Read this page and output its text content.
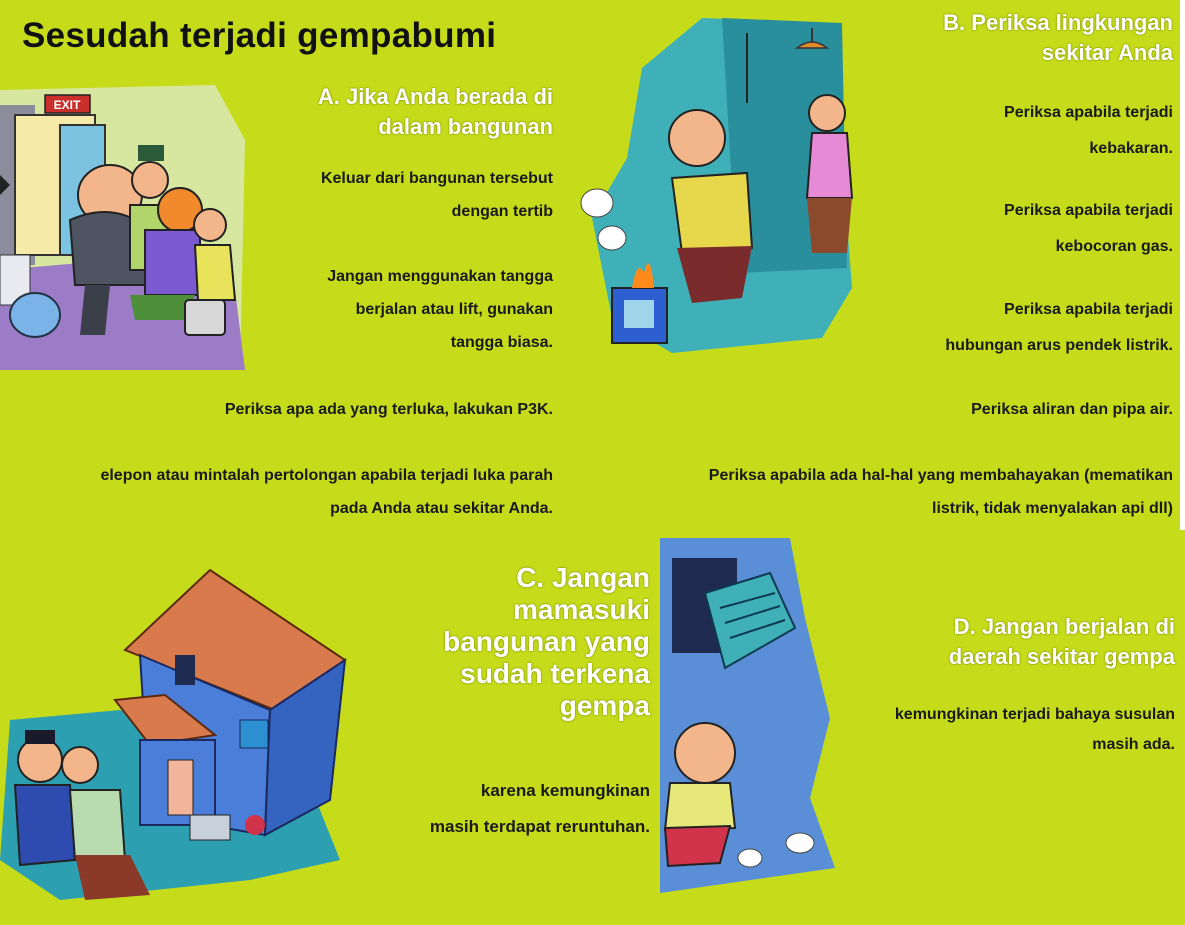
Sesudah terjadi gempabumi
EXIT	A. Jika Anda berada di
dalam bangunan
Keluar dari bangunan tersebut
dengan tertib
Jangan menggunakan tangga
berjalan atau lift, gunakan
tangga biasa.
Periksa apa ada yang terluka, lakukan P3K.
elepon atau mintalah pertolongan apabila terjadi luka parah
pada Anda atau sekitar Anda.
B. Periksa lingkungan
sekitar Anda
Periksa apabila terjadi
kebakaran.
Periksa apabila terjadi
kebocoran gas.
Periksa apabila terjadi
hubungan arus pendek listrik.
Periksa aliran dan pipa air.
Periksa apabila ada hal-hal yang membahayakan (mematikan
listrik, tidak menyalakan api dll)
C. Jangan
mamasuki
bangunan yang
sudah terkena
gempa
karena kemungkinan
masih terdapat reruntuhan.
D. Jangan berjalan di
daerah sekitar gempa
kemungkinan terjadi bahaya susulan
masih ada.
